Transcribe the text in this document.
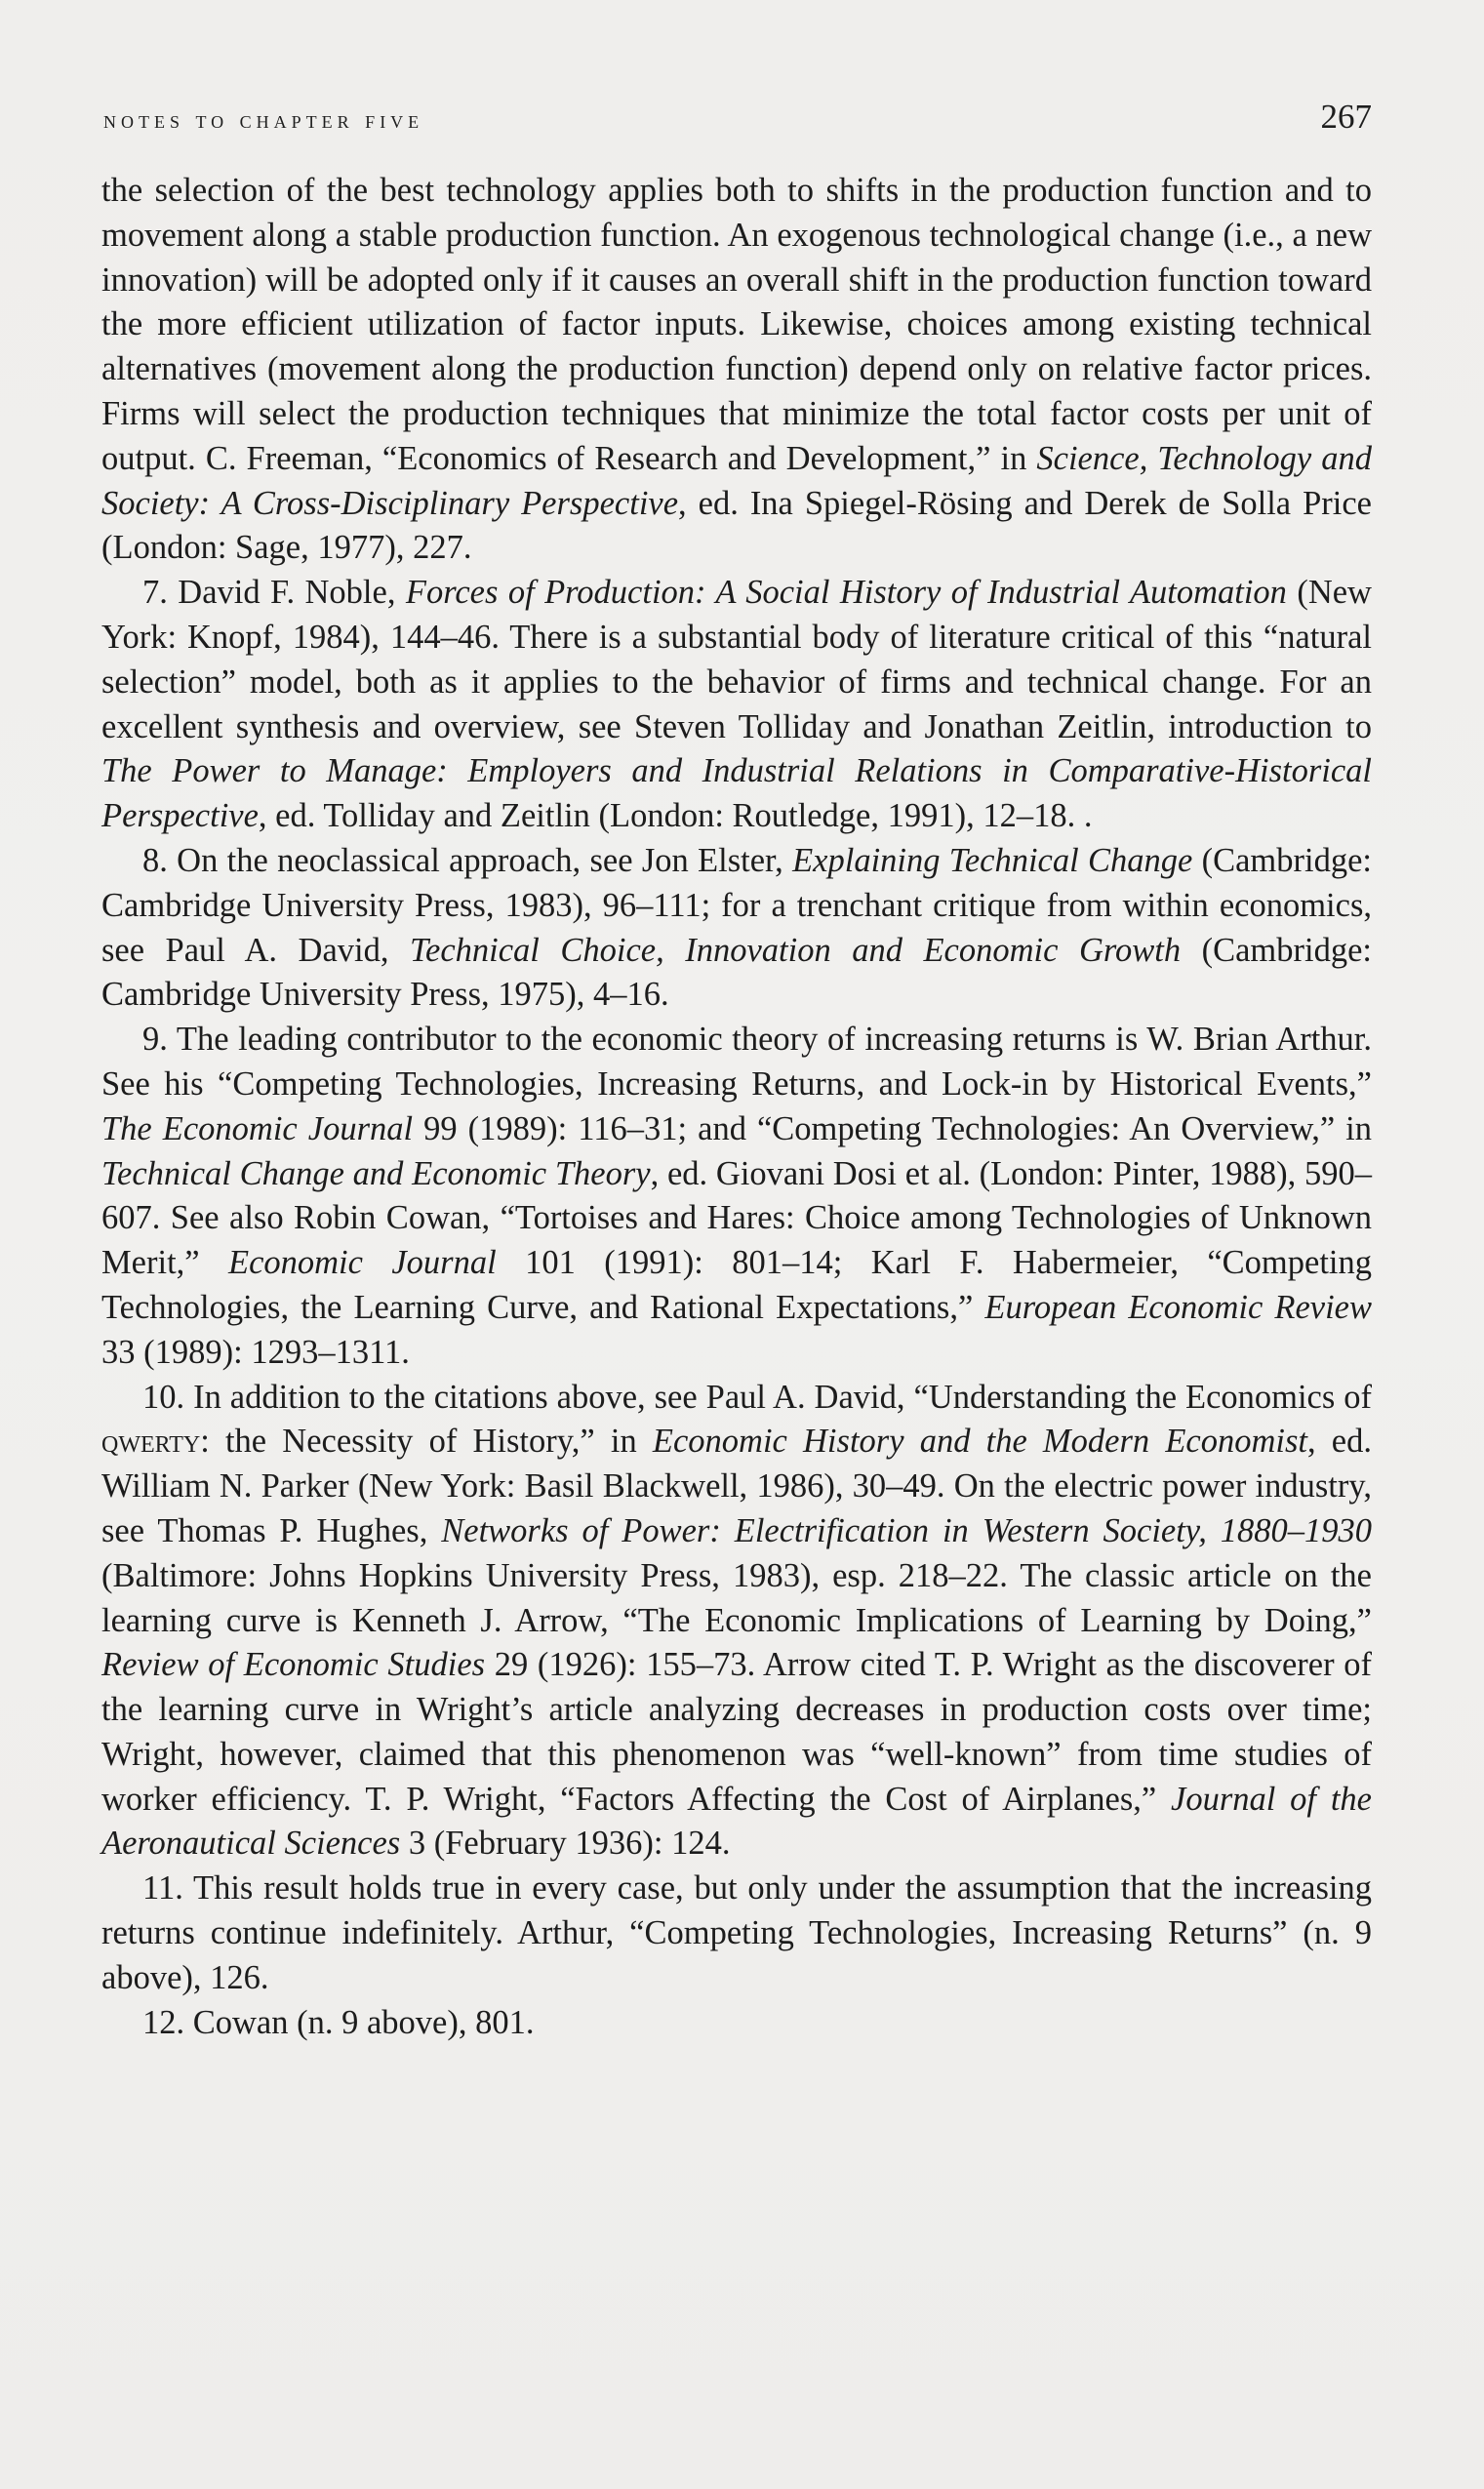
notes to chapter five	267

the selection of the best technology applies both to shifts in the production function and to movement along a stable production function. An exogenous technological change (i.e., a new innovation) will be adopted only if it causes an overall shift in the production function toward the more efficient utilization of factor inputs. Likewise, choices among existing technical alternatives (movement along the production function) depend only on relative factor prices. Firms will select the production techniques that minimize the total factor costs per unit of output. C. Freeman, “Economics of Research and Development,” in Science, Technology and Society: A Cross-Disciplinary Perspective, ed. Ina Spiegel-Rösing and Derek de Solla Price (London: Sage, 1977), 227.

7. David F. Noble, Forces of Production: A Social History of Industrial Automation (New York: Knopf, 1984), 144–46. There is a substantial body of literature critical of this “natural selection” model, both as it applies to the behavior of firms and technical change. For an excellent synthesis and overview, see Steven Tolliday and Jonathan Zeitlin, introduction to The Power to Manage: Employers and Industrial Relations in Comparative-Historical Perspective, ed. Tolliday and Zeitlin (London: Routledge, 1991), 12–18. .

8. On the neoclassical approach, see Jon Elster, Explaining Technical Change (Cambridge: Cambridge University Press, 1983), 96–111; for a trenchant critique from within economics, see Paul A. David, Technical Choice, Innovation and Economic Growth (Cambridge: Cambridge University Press, 1975), 4–16.

9. The leading contributor to the economic theory of increasing returns is W. Brian Arthur. See his “Competing Technologies, Increasing Returns, and Lock-in by Historical Events,” The Economic Journal 99 (1989): 116–31; and “Competing Technologies: An Overview,” in Technical Change and Economic Theory, ed. Giovani Dosi et al. (London: Pinter, 1988), 590–607. See also Robin Cowan, “Tortoises and Hares: Choice among Technologies of Unknown Merit,” Economic Journal 101 (1991): 801–14; Karl F. Habermeier, “Competing Technologies, the Learning Curve, and Rational Expectations,” European Economic Review 33 (1989): 1293–1311.

10. In addition to the citations above, see Paul A. David, “Understanding the Economics of qwerty: the Necessity of History,” in Economic History and the Modern Economist, ed. William N. Parker (New York: Basil Blackwell, 1986), 30–49. On the electric power industry, see Thomas P. Hughes, Networks of Power: Electrification in Western Society, 1880–1930 (Baltimore: Johns Hopkins University Press, 1983), esp. 218–22. The classic article on the learning curve is Kenneth J. Arrow, “The Economic Implications of Learning by Doing,” Review of Economic Studies 29 (1926): 155–73. Arrow cited T. P. Wright as the discoverer of the learning curve in Wright’s article analyzing decreases in production costs over time; Wright, however, claimed that this phenomenon was “well-known” from time studies of worker efficiency. T. P. Wright, “Factors Affecting the Cost of Airplanes,” Journal of the Aeronautical Sciences 3 (February 1936): 124.

11. This result holds true in every case, but only under the assumption that the increasing returns continue indefinitely. Arthur, “Competing Technologies, Increasing Returns” (n. 9 above), 126.

12. Cowan (n. 9 above), 801.
